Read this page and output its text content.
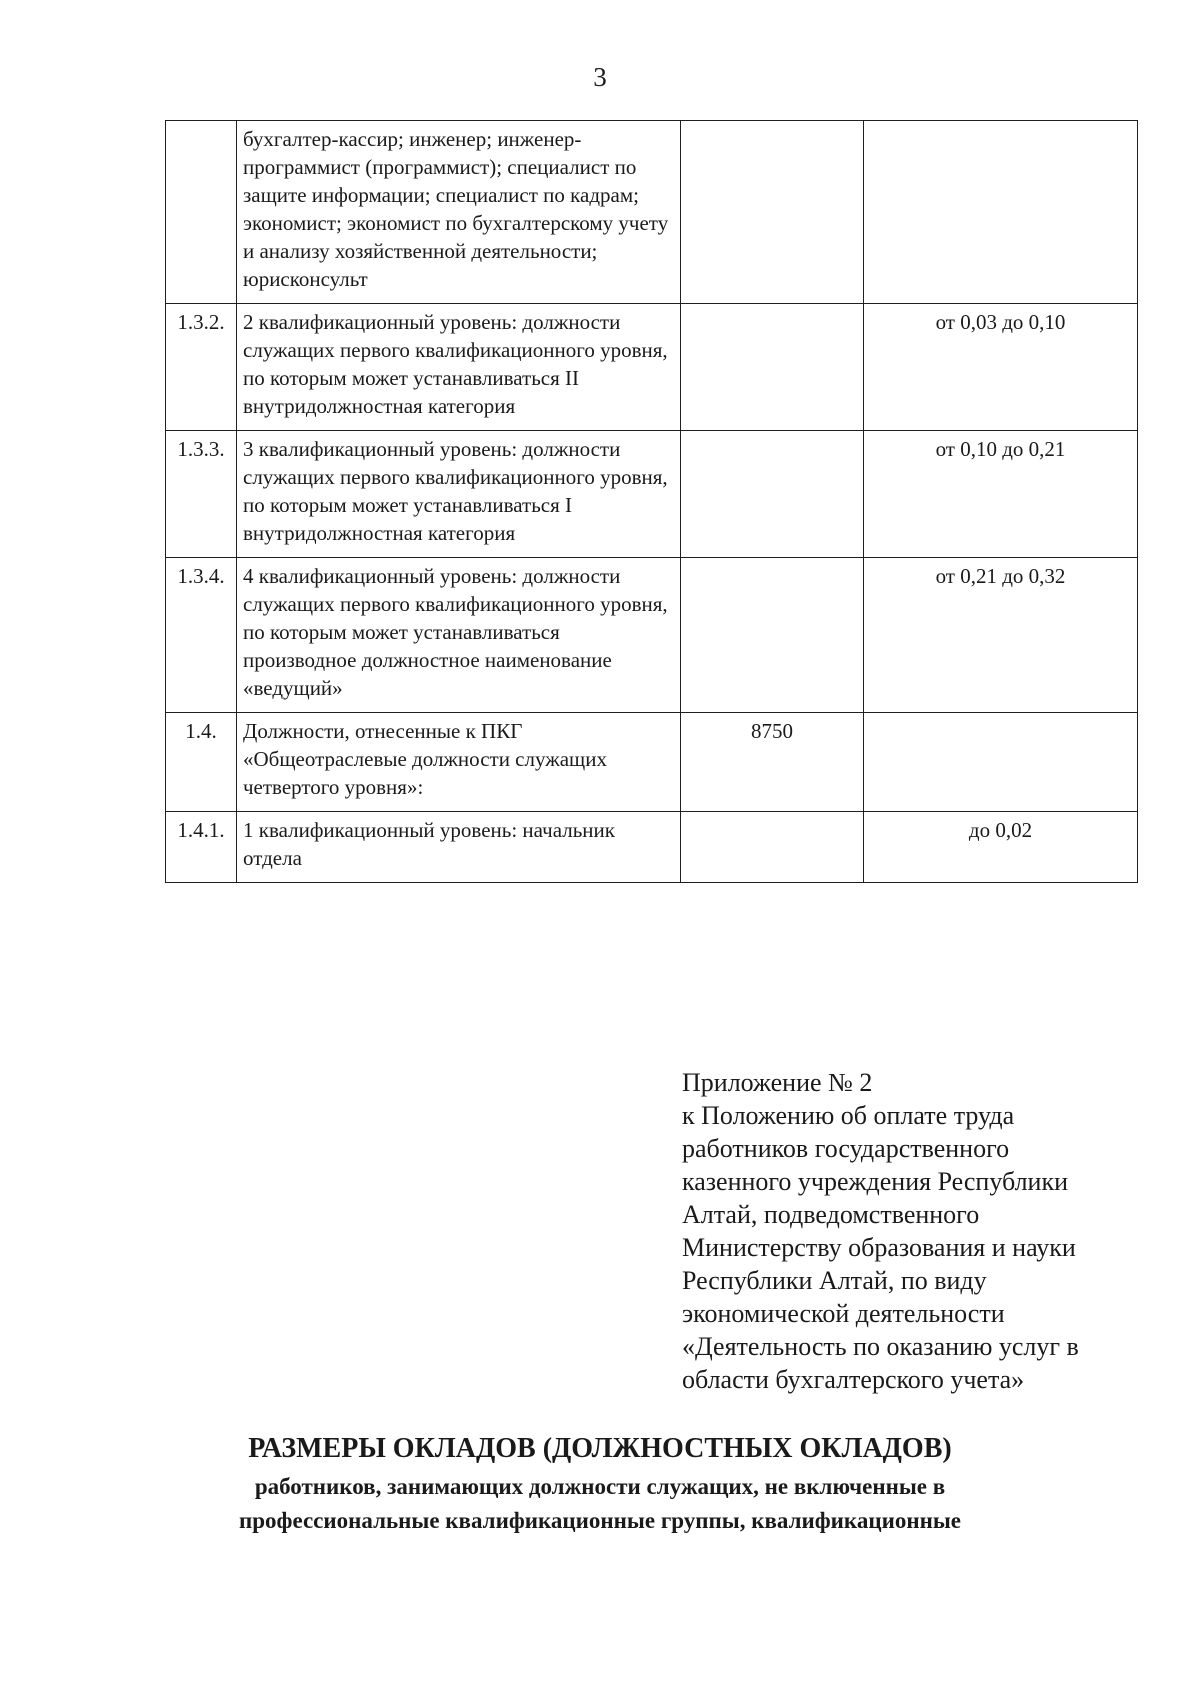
3
	бухгалтер-кассир; инженер; инженер-программист (программист); специалист по защите информации; специалист по кадрам; экономист; экономист по бухгалтерскому учету и анализу хозяйственной деятельности; юрисконсульт		
1.3.2.	2 квалификационный уровень: должности служащих первого квалификационного уровня, по которым может устанавливаться II внутридолжностная категория		от 0,03 до 0,10
1.3.3.	3 квалификационный уровень: должности служащих первого квалификационного уровня, по которым может устанавливаться I внутридолжностная категория		от 0,10 до 0,21
1.3.4.	4 квалификационный уровень: должности служащих первого квалификационного уровня, по которым может устанавливаться производное должностное наименование «ведущий»		от 0,21 до 0,32
1.4.	Должности, отнесенные к ПКГ «Общеотраслевые должности служащих четвертого уровня»:	8750	
1.4.1.	1 квалификационный уровень: начальник отдела		до 0,02
Приложение № 2
к Положению об оплате труда
работников государственного
казенного учреждения Республики
Алтай, подведомственного
Министерству образования и науки
Республики Алтай, по виду
экономической деятельности
«Деятельность по оказанию услуг в
области бухгалтерского учета»
РАЗМЕРЫ ОКЛАДОВ (ДОЛЖНОСТНЫХ ОКЛАДОВ)
работников, занимающих должности служащих, не включенные в
профессиональные квалификационные группы, квалификационные
